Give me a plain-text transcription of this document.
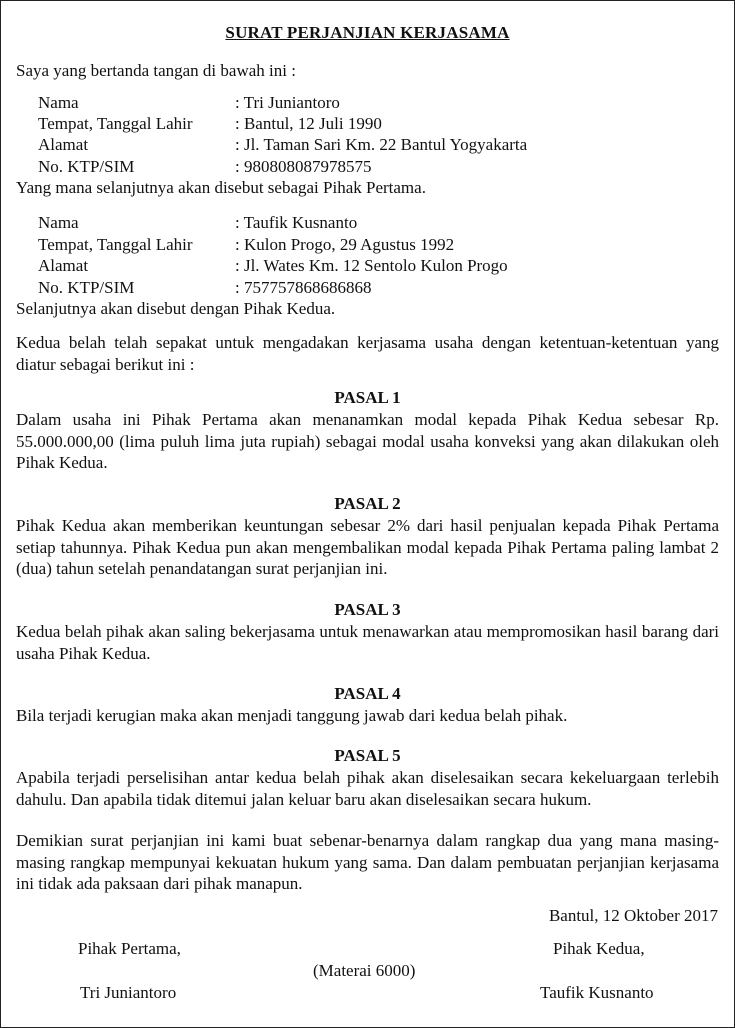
SURAT PERJANJIAN KERJASAMA
Saya yang bertanda tangan di bawah ini :
Nama	: Tri Juniantoro
Tempat, Tanggal Lahir : Bantul, 12 Juli 1990
Alamat	: Jl. Taman Sari Km. 22 Bantul Yogyakarta
No. KTP/SIM	: 980808087978575
Yang mana selanjutnya akan disebut sebagai Pihak Pertama.
Nama	: Taufik Kusnanto
Tempat, Tanggal Lahir : Kulon Progo, 29 Agustus 1992
Alamat	: Jl. Wates Km. 12 Sentolo Kulon Progo
No. KTP/SIM	: 757757868686868
Selanjutnya akan disebut dengan Pihak Kedua.
Kedua belah telah sepakat untuk mengadakan kerjasama usaha dengan ketentuan-ketentuan yang diatur sebagai berikut ini :
PASAL 1
Dalam usaha ini Pihak Pertama akan menanamkan modal kepada Pihak Kedua sebesar Rp. 55.000.000,00 (lima puluh lima juta rupiah) sebagai modal usaha konveksi yang akan dilakukan oleh Pihak Kedua.
PASAL 2
Pihak Kedua akan memberikan keuntungan sebesar 2% dari hasil penjualan kepada Pihak Pertama setiap tahunnya. Pihak Kedua pun akan mengembalikan modal kepada Pihak Pertama paling lambat 2 (dua) tahun setelah penandatangan surat perjanjian ini.
PASAL 3
Kedua belah pihak akan saling bekerjasama untuk menawarkan atau mempromosikan hasil barang dari usaha Pihak Kedua.
PASAL 4
Bila terjadi kerugian maka akan menjadi tanggung jawab dari kedua belah pihak.
PASAL 5
Apabila terjadi perselisihan antar kedua belah pihak akan diselesaikan secara kekeluargaan terlebih dahulu. Dan apabila tidak ditemui jalan keluar baru akan diselesaikan secara hukum.
Demikian surat perjanjian ini kami buat sebenar-benarnya dalam rangkap dua yang mana masing-masing rangkap mempunyai kekuatan hukum yang sama. Dan dalam pembuatan perjanjian kerjasama ini tidak ada paksaan dari pihak manapun.
Bantul, 12 Oktober 2017
Pihak Pertama,	Pihak Kedua,
(Materai 6000)
Tri Juniantoro	Taufik Kusnanto
